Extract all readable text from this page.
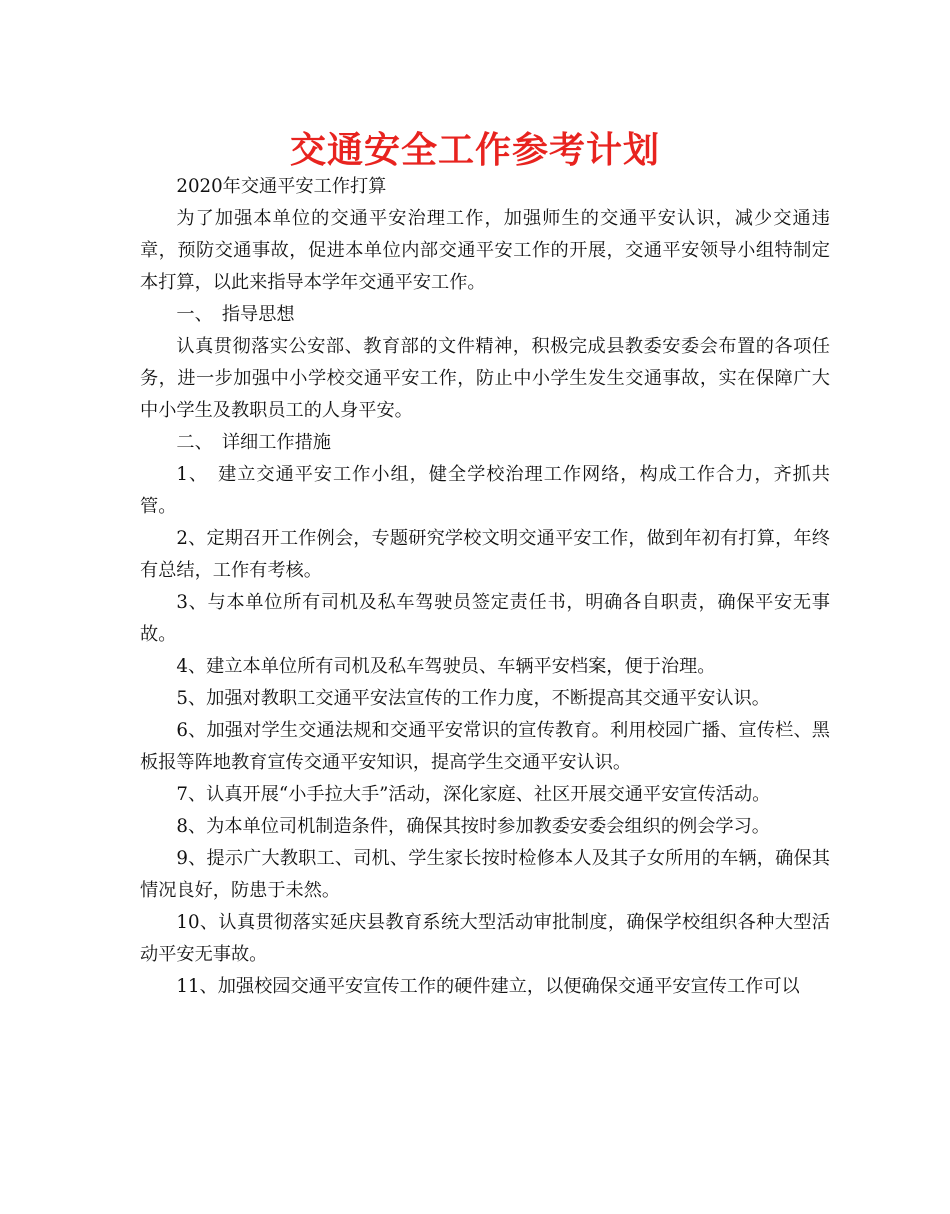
交通安全工作参考计划

2020年交通平安工作打算

为了加强本单位的交通平安治理工作，加强师生的交通平安认识，减少交通违章，预防交通事故，促进本单位内部交通平安工作的开展，交通平安领导小组特制定本打算，以此来指导本学年交通平安工作。

一、　指导思想

认真贯彻落实公安部、教育部的文件精神，积极完成县教委安委会布置的各项任务，进一步加强中小学校交通平安工作，防止中小学生发生交通事故，实在保障广大中小学生及教职员工的人身平安。

二、　详细工作措施

1、　建立交通平安工作小组，健全学校治理工作网络，构成工作合力，齐抓共管。

2、定期召开工作例会，专题研究学校文明交通平安工作，做到年初有打算，年终有总结，工作有考核。

3、与本单位所有司机及私车驾驶员签定责任书，明确各自职责，确保平安无事故。

4、建立本单位所有司机及私车驾驶员、车辆平安档案，便于治理。

5、加强对教职工交通平安法宣传的工作力度，不断提高其交通平安认识。

6、加强对学生交通法规和交通平安常识的宣传教育。利用校园广播、宣传栏、黑板报等阵地教育宣传交通平安知识，提高学生交通平安认识。

7、认真开展“小手拉大手”活动，深化家庭、社区开展交通平安宣传活动。

8、为本单位司机制造条件，确保其按时参加教委安委会组织的例会学习。

9、提示广大教职工、司机、学生家长按时检修本人及其子女所用的车辆，确保其情况良好，防患于未然。

10、认真贯彻落实延庆县教育系统大型活动审批制度，确保学校组织各种大型活动平安无事故。

11、加强校园交通平安宣传工作的硬件建立，以便确保交通平安宣传工作可以
